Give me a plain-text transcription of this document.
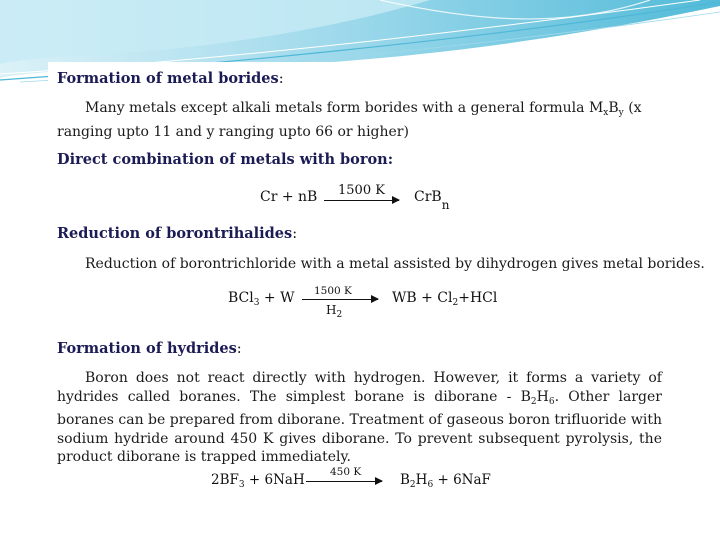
Formation of metal borides:
Many metals except alkali metals form borides with a general formula $M_xB_y$ (x ranging upto 11 and y ranging upto 66 or higher)
Direct combination of metals with boron:
Cr + nB 1500 K CrBn
Reduction of borontrihalides:
Reduction of borontrichloride with a metal assisted by dihydrogen gives metal borides.
BCl$_3$ + W 1500 K
$H_2$
WB + $Cl_2+HCl$
Formation of hydrides:
Boron does not react directly with hydrogen. However, it forms a variety of hydrides called boranes. The simplest borane is diborane - $B_2H_6$. Other larger boranes can be prepared from diborane. Treatment of gaseous boron trifluoride with sodium hydride around 450 K gives diborane. To prevent subsequent pyrolysis, the product diborane is trapped immediately.
$2BF_3 + 6NaH$ 450 K	$B_2H_6 + 6NaF$
